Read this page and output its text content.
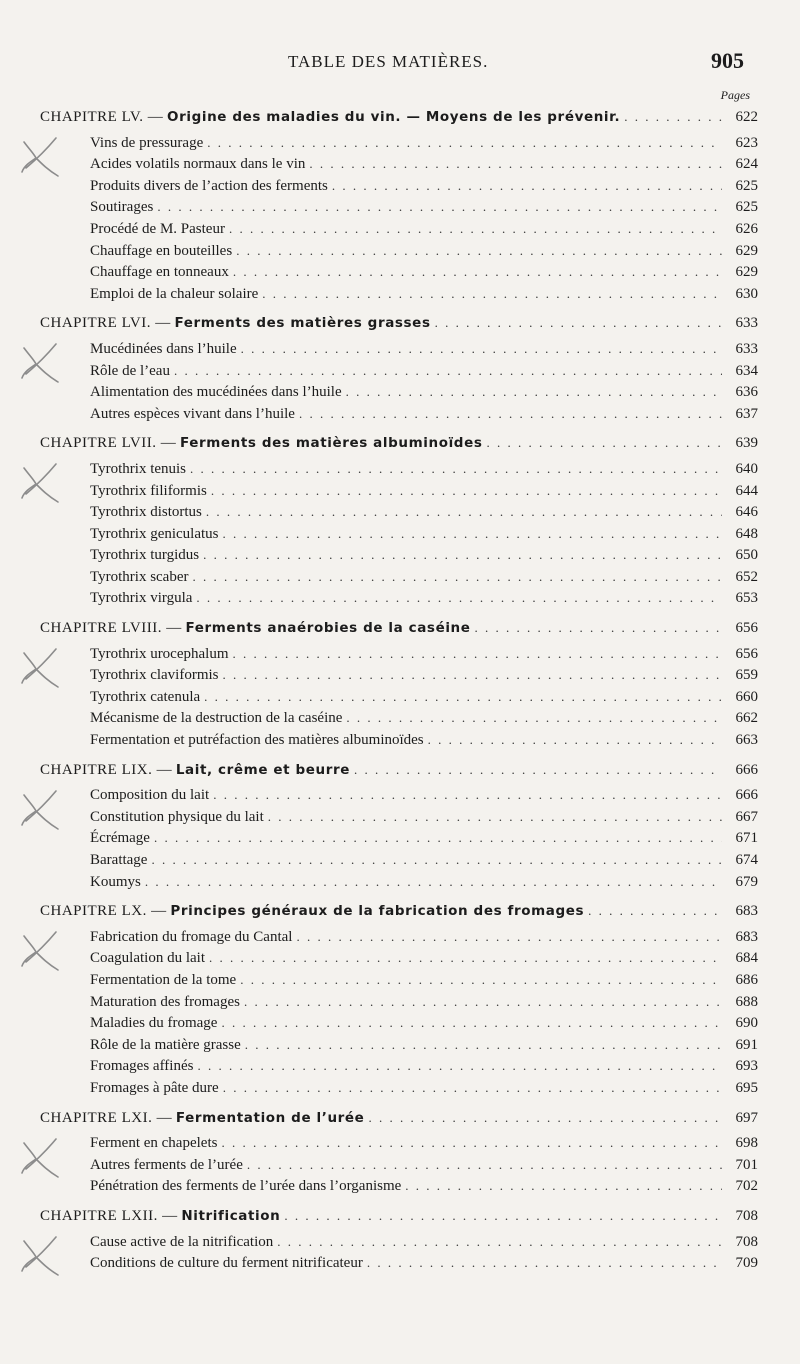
TABLE DES MATIÈRES.	905
Pages
CHAPITRE LV. — Origine des maladies du vin. — Moyens de les prévenir. . . .	622
Vins de pressurage . . .	623
Acides volatils normaux dans le vin . . .	624
Produits divers de l’action des ferments . . .	625
Soutirages . . .	625
Procédé de M. Pasteur . . .	626
Chauffage en bouteilles . . .	629
Chauffage en tonneaux . . .	629
Emploi de la chaleur solaire . . .	630
CHAPITRE LVI. — Ferments des matières grasses . . .	633
Mucédinées dans l’huile . . .	633
Rôle de l’eau . . .	634
Alimentation des mucédinées dans l’huile . . .	636
Autres espèces vivant dans l’huile . . .	637
CHAPITRE LVII. — Ferments des matières albuminoïdes . . .	639
Tyrothrix tenuis . . .	640
Tyrothrix filiformis . . .	644
Tyrothrix distortus . . .	646
Tyrothrix geniculatus . . .	648
Tyrothrix turgidus . . .	650
Tyrothrix scaber . . .	652
Tyrothrix virgula . . .	653
CHAPITRE LVIII. — Ferments anaérobies de la caséine . . .	656
Tyrothrix urocephalum . . .	656
Tyrothrix claviformis . . .	659
Tyrothrix catenula . . .	660
Mécanisme de la destruction de la caséine . . .	662
Fermentation et putréfaction des matières albuminoïdes . . .	663
CHAPITRE LIX. — Lait, crême et beurre . . .	666
Composition du lait . . .	666
Constitution physique du lait . . .	667
Écrémage . . .	671
Barattage . . .	674
Koumys . . .	679
CHAPITRE LX. — Principes généraux de la fabrication des fromages . . .	683
Fabrication du fromage du Cantal . . .	683
Coagulation du lait . . .	684
Fermentation de la tome . . .	686
Maturation des fromages . . .	688
Maladies du fromage . . .	690
Rôle de la matière grasse . . .	691
Fromages affinés . . .	693
Fromages à pâte dure . . .	695
CHAPITRE LXI. — Fermentation de l’urée . . .	697
Ferment en chapelets . . .	698
Autres ferments de l’urée . . .	701
Pénétration des ferments de l’urée dans l’organisme . . .	702
CHAPITRE LXII. — Nitrification . . .	708
Cause active de la nitrification . . .	708
Conditions de culture du ferment nitrificateur . . .	709
